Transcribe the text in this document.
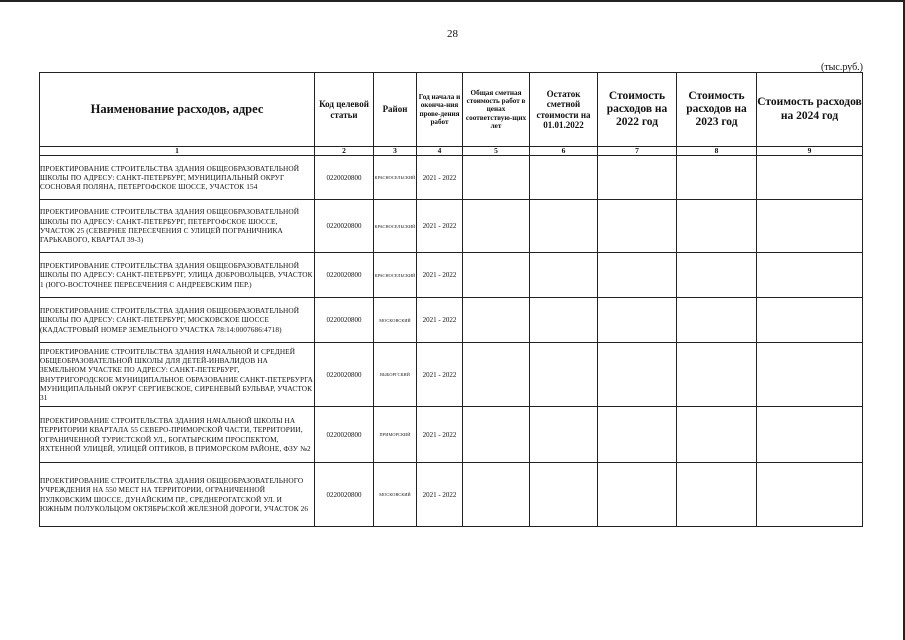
28
(тыс.руб.)
Наименование расходов, адрес	Код целевой статьи	Район	Год начала и оконча-ния прове-дения работ	Общая сметная стоимость работ в ценах соответствую-щих лет	Остаток сметной стоимости на 01.01.2022	Стоимость расходов на 2022 год	Стоимость расходов на 2023 год	Стоимость расходов на 2024 год
1	2	3	4	5	6	7	8	9
ПРОЕКТИРОВАНИЕ СТРОИТЕЛЬСТВА ЗДАНИЯ ОБЩЕОБРАЗОВАТЕЛЬНОЙ ШКОЛЫ ПО АДРЕСУ: САНКТ-ПЕТЕРБУРГ, МУНИЦИПАЛЬНЫЙ ОКРУГ СОСНОВАЯ ПОЛЯНА, ПЕТЕРГОФСКОЕ ШОССЕ, УЧАСТОК 154	0220020800	КРАСНОСЕЛЬСКИЙ	2021 - 2022					
ПРОЕКТИРОВАНИЕ СТРОИТЕЛЬСТВА ЗДАНИЯ ОБЩЕОБРАЗОВАТЕЛЬНОЙ ШКОЛЫ ПО АДРЕСУ: САНКТ-ПЕТЕРБУРГ, ПЕТЕРГОФСКОЕ ШОССЕ, УЧАСТОК 25 (СЕВЕРНЕЕ ПЕРЕСЕЧЕНИЯ С УЛИЦЕЙ ПОГРАНИЧНИКА ГАРЬКАВОГО, КВАРТАЛ 39-3)	0220020800	КРАСНОСЕЛЬСКИЙ	2021 - 2022					
ПРОЕКТИРОВАНИЕ СТРОИТЕЛЬСТВА ЗДАНИЯ ОБЩЕОБРАЗОВАТЕЛЬНОЙ ШКОЛЫ ПО АДРЕСУ: САНКТ-ПЕТЕРБУРГ, УЛИЦА ДОБРОВОЛЬЦЕВ, УЧАСТОК 1 (ЮГО-ВОСТОЧНЕЕ ПЕРЕСЕЧЕНИЯ С АНДРЕЕВСКИМ ПЕР.)	0220020800	КРАСНОСЕЛЬСКИЙ	2021 - 2022					
ПРОЕКТИРОВАНИЕ СТРОИТЕЛЬСТВА ЗДАНИЯ ОБЩЕОБРАЗОВАТЕЛЬНОЙ ШКОЛЫ ПО АДРЕСУ: САНКТ-ПЕТЕРБУРГ, МОСКОВСКОЕ ШОССЕ (КАДАСТРОВЫЙ НОМЕР ЗЕМЕЛЬНОГО УЧАСТКА 78:14:0007686:4718)	0220020800	МОСКОВСКИЙ	2021 - 2022					
ПРОЕКТИРОВАНИЕ СТРОИТЕЛЬСТВА ЗДАНИЯ НАЧАЛЬНОЙ И СРЕДНЕЙ ОБЩЕОБРАЗОВАТЕЛЬНОЙ ШКОЛЫ ДЛЯ ДЕТЕЙ-ИНВАЛИДОВ НА ЗЕМЕЛЬНОМ УЧАСТКЕ ПО АДРЕСУ: САНКТ-ПЕТЕРБУРГ, ВНУТРИГОРОДСКОЕ МУНИЦИПАЛЬНОЕ ОБРАЗОВАНИЕ САНКТ-ПЕТЕРБУРГА МУНИЦИПАЛЬНЫЙ ОКРУГ СЕРГИЕВСКОЕ, СИРЕНЕВЫЙ БУЛЬВАР, УЧАСТОК 31	0220020800	ВЫБОРГСКИЙ	2021 - 2022					
ПРОЕКТИРОВАНИЕ СТРОИТЕЛЬСТВА ЗДАНИЯ НАЧАЛЬНОЙ ШКОЛЫ НА ТЕРРИТОРИИ КВАРТАЛА 55 СЕВЕРО-ПРИМОРСКОЙ ЧАСТИ, ТЕРРИТОРИИ, ОГРАНИЧЕННОЙ ТУРИСТСКОЙ УЛ., БОГАТЫРСКИМ ПРОСПЕКТОМ, ЯХТЕННОЙ УЛИЦЕЙ, УЛИЦЕЙ ОПТИКОВ, В ПРИМОРСКОМ РАЙОНЕ, ФЗУ №2	0220020800	ПРИМОРСКИЙ	2021 - 2022					
ПРОЕКТИРОВАНИЕ СТРОИТЕЛЬСТВА ЗДАНИЯ ОБЩЕОБРАЗОВАТЕЛЬНОГО УЧРЕЖДЕНИЯ НА 550 МЕСТ НА ТЕРРИТОРИИ, ОГРАНИЧЕННОЙ ПУЛКОВСКИМ ШОССЕ, ДУНАЙСКИМ ПР., СРЕДНЕРОГАТСКОЙ УЛ. И ЮЖНЫМ ПОЛУКОЛЬЦОМ ОКТЯБРЬСКОЙ ЖЕЛЕЗНОЙ ДОРОГИ, УЧАСТОК 26	0220020800	МОСКОВСКИЙ	2021 - 2022					
